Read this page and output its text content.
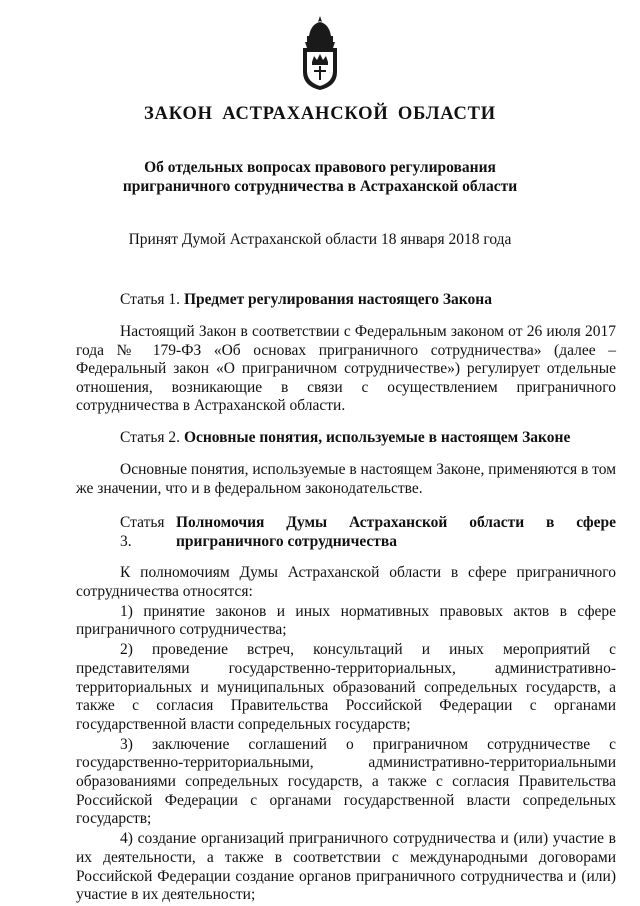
ЗАКОН АСТРАХАНСКОЙ ОБЛАСТИ
Об отдельных вопросах правового регулирования
приграничного сотрудничества в Астраханской области
Принят Думой Астраханской области 18 января 2018 года
Статья 1. Предмет регулирования настоящего Закона
Настоящий Закон в соответствии с Федеральным законом от 26 июля 2017 года № 179-ФЗ «Об основах приграничного сотрудничества» (далее – Федеральный закон «О приграничном сотрудничестве») регулирует отдельные отношения, возникающие в связи с осуществлением приграничного сотрудничества в Астраханской области.
Статья 2. Основные понятия, используемые в настоящем Законе
Основные понятия, используемые в настоящем Законе, применяются в том же значении, что и в федеральном законодательстве.
Статья 3.
Полномочия Думы Астраханской области в сфере
приграничного сотрудничества

К полномочиям Думы Астраханской области в сфере приграничного сотрудничества относятся:

1) принятие законов и иных нормативных правовых актов в сфере приграничного сотрудничества;

2) проведение встреч, консультаций и иных мероприятий с представителями государственно-территориальных, административно-территориальных и муниципальных образований сопредельных государств, а также с согласия Правительства Российской Федерации с органами государственной власти сопредельных государств;

3) заключение соглашений о приграничном сотрудничестве с государственно-территориальными, административно-территориальными образованиями сопредельных государств, а также с согласия Правительства Российской Федерации с органами государственной власти сопредельных государств;

4) создание организаций приграничного сотрудничества и (или) участие в их деятельности, а также в соответствии с международными договорами Российской Федерации создание органов приграничного сотрудничества и (или) участие в их деятельности;
